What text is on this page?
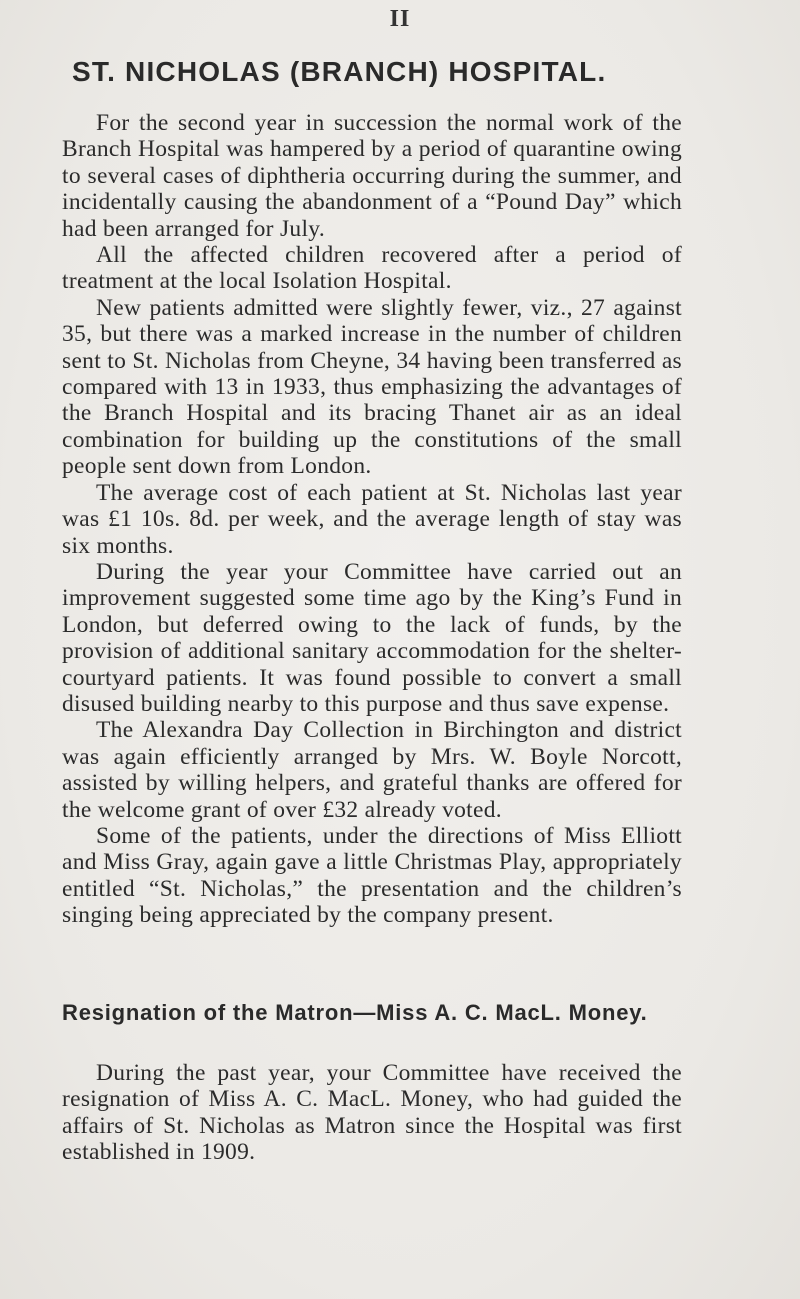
II
ST. NICHOLAS (BRANCH) HOSPITAL.

For the second year in succession the normal work of the Branch Hospital was hampered by a period of quarantine owing to several cases of diphtheria occurring during the summer, and incidentally causing the abandonment of a “Pound Day” which had been arranged for July.

All the affected children recovered after a period of treatment at the local Isolation Hospital.

New patients admitted were slightly fewer, viz., 27 against 35, but there was a marked increase in the number of children sent to St. Nicholas from Cheyne, 34 having been transferred as compared with 13 in 1933, thus emphasizing the advantages of the Branch Hospital and its bracing Thanet air as an ideal combination for building up the constitutions of the small people sent down from London.

The average cost of each patient at St. Nicholas last year was £1 10s. 8d. per week, and the average length of stay was six months.

During the year your Committee have carried out an improvement suggested some time ago by the King’s Fund in London, but deferred owing to the lack of funds, by the provision of additional sanitary accommodation for the shelter-courtyard patients. It was found possible to convert a small disused building nearby to this purpose and thus save expense.

The Alexandra Day Collection in Birchington and district was again efficiently arranged by Mrs. W. Boyle Norcott, assisted by willing helpers, and grateful thanks are offered for the welcome grant of over £32 already voted.

Some of the patients, under the directions of Miss Elliott and Miss Gray, again gave a little Christmas Play, appropriately entitled “St. Nicholas,” the presentation and the children’s singing being appreciated by the company present.

Resignation of the Matron—Miss A. C. MacL. Money.

During the past year, your Committee have received the resignation of Miss A. C. MacL. Money, who had guided the affairs of St. Nicholas as Matron since the Hospital was first established in 1909.
